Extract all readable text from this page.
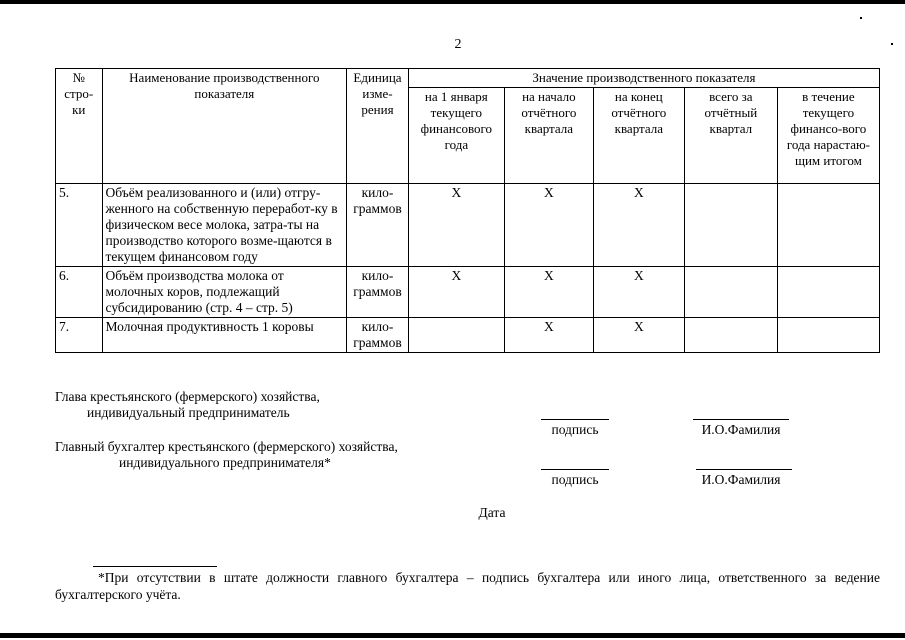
2
№ стро-ки	Наименование производственного показателя	Единица изме-рения	Значение производственного показателя				
			на 1 января текущего финансового года	на начало отчётного квартала	на конец отчётного квартала	всего за отчётный квартал	в течение текущего финансо-вого года нарастаю-щим итогом
5.	Объём реализованного и (или) отгру-женного на собственную переработ-ку в физическом весе молока, затра-ты на производство которого возме-щаются в текущем финансовом году	кило-граммов	Х	Х	Х		
6.	Объём производства молока от молочных коров, подлежащий субсидированию (стр. 4 – стр. 5)	кило-граммов	Х	Х	Х		
7.	Молочная продуктивность 1 коровы	кило-граммов		Х	Х		
Глава крестьянского (фермерского) хозяйства,
индивидуальный предприниматель
подпись	И.О.Фамилия
Главный бухгалтер крестьянского (фермерского) хозяйства,
индивидуального предпринимателя*
подпись	И.О.Фамилия
Дата
*При отсутствии в штате должности главного бухгалтера – подпись бухгалтера или иного лица, ответственного за ведение бухгалтерского учёта.
